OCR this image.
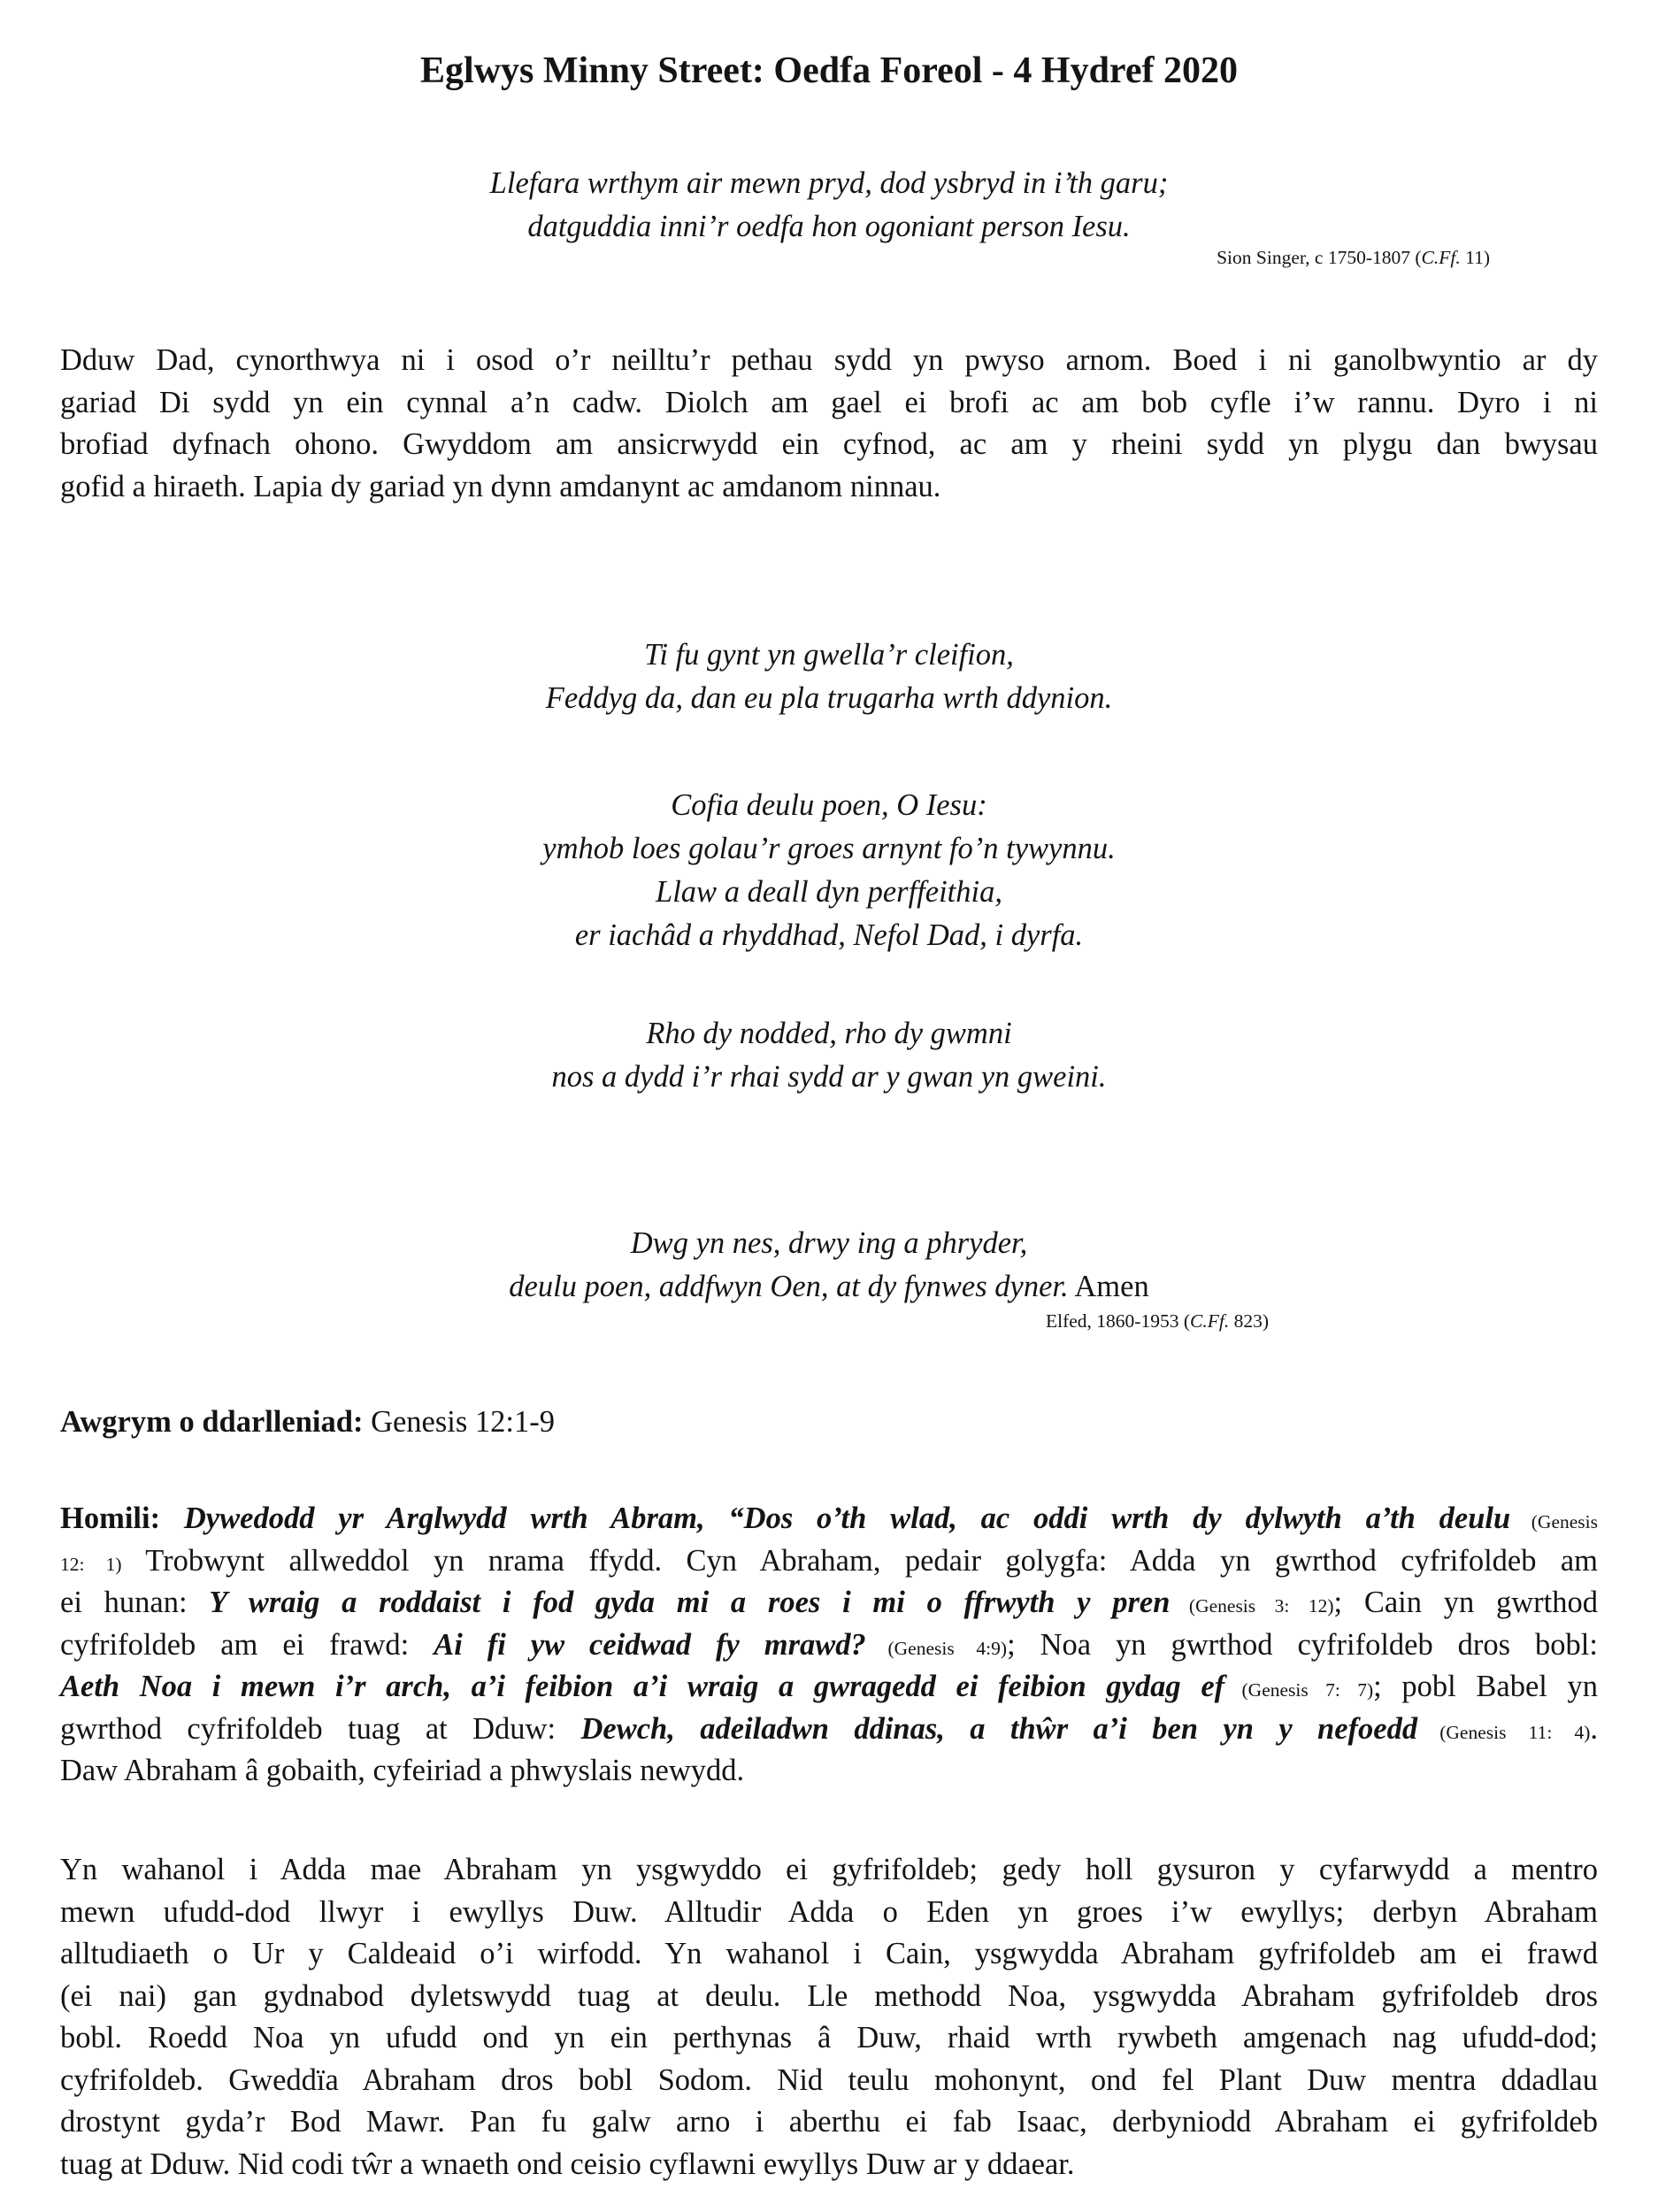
Eglwys Minny Street: Oedfa Foreol - 4 Hydref 2020
Llefara wrthym air mewn pryd, dod ysbryd in i’th garu;
datguddia inni’r oedfa hon ogoniant person Iesu.
Sion Singer, c 1750-1807 (C.Ff. 11)
Dduw Dad, cynorthwya ni i osod o’r neilltu’r pethau sydd yn pwyso arnom. Boed i ni ganolbwyntio ar dy
gariad Di sydd yn ein cynnal a’n cadw. Diolch am gael ei brofi ac am bob cyfle i’w rannu. Dyro i ni
brofiad dyfnach ohono. Gwyddom am ansicrwydd ein cyfnod, ac am y rheini sydd yn plygu dan bwysau
gofid a hiraeth. Lapia dy gariad yn dynn amdanynt ac amdanom ninnau.
Ti fu gynt yn gwella’r cleifion,
Feddyg da, dan eu pla trugarha wrth ddynion.
Cofia deulu poen, O Iesu:
ymhob loes golau’r groes arnynt fo’n tywynnu.
Llaw a deall dyn perffeithia,
er iachâd a rhyddhad, Nefol Dad, i dyrfa.
Rho dy nodded, rho dy gwmni
nos a dydd i’r rhai sydd ar y gwan yn gweini.
Dwg yn nes, drwy ing a phryder,
deulu poen, addfwyn Oen, at dy fynwes dyner. Amen
Elfed, 1860-1953 (C.Ff. 823)
Awgrym o ddarlleniad: Genesis 12:1-9
Homili: Dywedodd yr Arglwydd wrth Abram, “Dos o’th wlad, ac oddi wrth dy dylwyth a’th deulu (Genesis
12: 1) Trobwynt allweddol yn nrama ffydd. Cyn Abraham, pedair golygfa: Adda yn gwrthod cyfrifoldeb am
ei hunan: Y wraig a roddaist i fod gyda mi a roes i mi o ffrwyth y pren (Genesis 3: 12); Cain yn gwrthod
cyfrifoldeb am ei frawd: Ai fi yw ceidwad fy mrawd? (Genesis 4:9); Noa yn gwrthod cyfrifoldeb dros bobl:
Aeth Noa i mewn i’r arch, a’i feibion a’i wraig a gwragedd ei feibion gydag ef (Genesis 7: 7); pobl Babel yn
gwrthod cyfrifoldeb tuag at Dduw: Dewch, adeiladwn ddinas, a thŵr a’i ben yn y nefoedd (Genesis 11: 4).
Daw Abraham â gobaith, cyfeiriad a phwyslais newydd.
Yn wahanol i Adda mae Abraham yn ysgwyddo ei gyfrifoldeb; gedy holl gysuron y cyfarwydd a mentro
mewn ufudd-dod llwyr i ewyllys Duw. Alltudir Adda o Eden yn groes i’w ewyllys; derbyn Abraham
alltudiaeth o Ur y Caldeaid o’i wirfodd. Yn wahanol i Cain, ysgwydda Abraham gyfrifoldeb am ei frawd
(ei nai) gan gydnabod dyletswydd tuag at deulu. Lle methodd Noa, ysgwydda Abraham gyfrifoldeb dros
bobl. Roedd Noa yn ufudd ond yn ein perthynas â Duw, rhaid wrth rywbeth amgenach nag ufudd-dod;
cyfrifoldeb. Gweddïa Abraham dros bobl Sodom. Nid teulu mohonynt, ond fel Plant Duw mentra ddadlau
drostynt gyda’r Bod Mawr. Pan fu galw arno i aberthu ei fab Isaac, derbyniodd Abraham ei gyfrifoldeb
tuag at Dduw. Nid codi tŵr a wnaeth ond ceisio cyflawni ewyllys Duw ar y ddaear.
